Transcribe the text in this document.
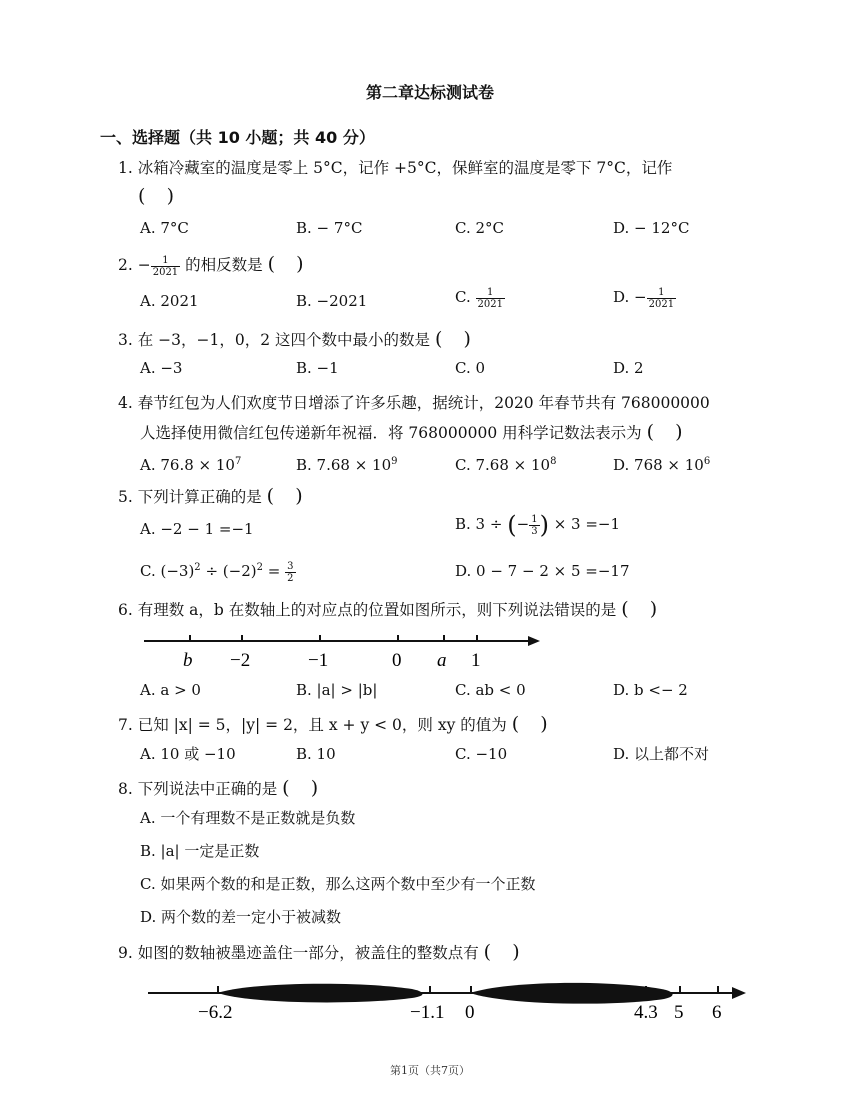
第二章达标测试卷
一、选择题（共 10 小题；共 40 分）
1. 冰箱冷藏室的温度是零上 5°C，记作 +5°C，保鲜室的温度是零下 7°C，记作
( )
A. 7°C	B. − 7°C	C. 2°C	D. − 12°C
2. − $\frac{1}{2021}$ 的相反数是 ( )
A. 2021	B. −2021	C. $\frac{1}{2021}$	D. − $\frac{1}{2021}$
3. 在 −3，−1，0，2 这四个数中最小的数是 ( )
A. −3	B. −1	C. 0	D. 2
4. 春节红包为人们欢度节日增添了许多乐趣，据统计，2020 年春节共有 768000000
人选择使用微信红包传递新年祝福．将 768000000 用科学记数法表示为 ( )
A. $76.8 \times 10^7$	B. $7.68 \times 10^9$	C. $7.68 \times 10^8$	D. $768 \times 10^6$
5. 下列计算正确的是 ( )
A. −2 − 1 =−1	B. 3 ÷ (− $\frac{1}{3}$ ) × 3 =−1
C. $(-3)^2 \div (-2)^2 = \frac{3}{2}$	D. 0 − 7 − 2 × 5 =−17
6. 有理数 a，b 在数轴上的对应点的位置如图所示，则下列说法错误的是 ( )
b −2	−1	0 a 1
A. a > 0	B. |a| > |b|	C. ab < 0	D. b <− 2
7. 已知 |x| = 5，|y| = 2，且 x + y < 0，则 xy 的值为 ( )
A. 10 或 −10	B. 10	C. −10	D. 以上都不对
8. 下列说法中正确的是 ( )
A. 一个有理数不是正数就是负数
B. |a| 一定是正数
C. 如果两个数的和是正数，那么这两个数中至少有一个正数
D. 两个数的差一定小于被减数
9. 如图的数轴被墨迹盖住一部分，被盖住的整数点有 ( )
−6.2	−1.1 0	4.3 5 6
第1页（共7页）
